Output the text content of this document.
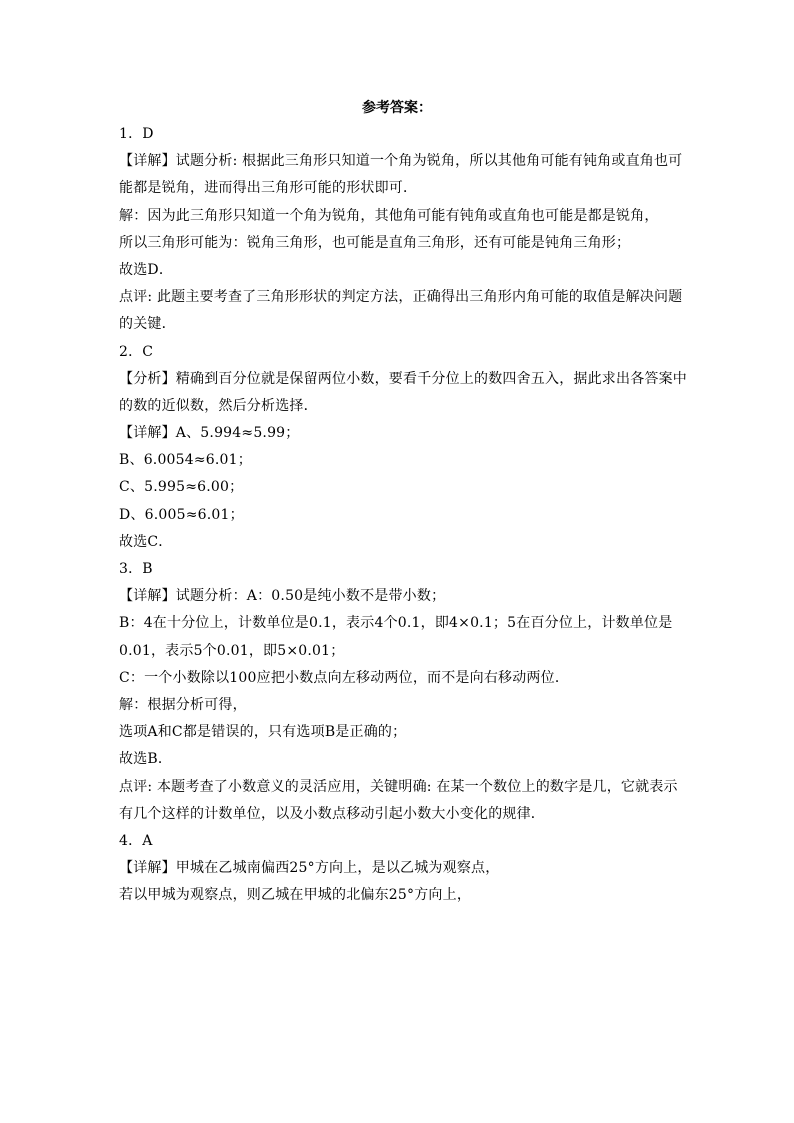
参考答案：
1．D
【详解】试题分析: 根据此三角形只知道一个角为锐角，所以其他角可能有钝角或直角也可
能都是锐角，进而得出三角形可能的形状即可．
解：因为此三角形只知道一个角为锐角，其他角可能有钝角或直角也可能是都是锐角，
所以三角形可能为：锐角三角形，也可能是直角三角形，还有可能是钝角三角形；
故选D．
点评: 此题主要考查了三角形形状的判定方法，正确得出三角形内角可能的取值是解决问题
的关键．
2．C
【分析】精确到百分位就是保留两位小数，要看千分位上的数四舍五入，据此求出各答案中
的数的近似数，然后分析选择．
【详解】A、5.994≈5.99；
B、6.0054≈6.01；
C、5.995≈6.00；
D、6.005≈6.01；
故选C．
3．B
【详解】试题分析：A：0.50是纯小数不是带小数；
B：4在十分位上，计数单位是0.1，表示4个0.1，即4×0.1；5在百分位上，计数单位是
0.01，表示5个0.01，即5×0.01；
C：一个小数除以100应把小数点向左移动两位，而不是向右移动两位．
解：根据分析可得，
选项A和C都是错误的，只有选项B是正确的；
故选B．
点评: 本题考查了小数意义的灵活应用，关键明确: 在某一个数位上的数字是几，它就表示
有几个这样的计数单位，以及小数点移动引起小数大小变化的规律．
4．A
【详解】甲城在乙城南偏西25°方向上，是以乙城为观察点，
若以甲城为观察点，则乙城在甲城的北偏东25°方向上，
